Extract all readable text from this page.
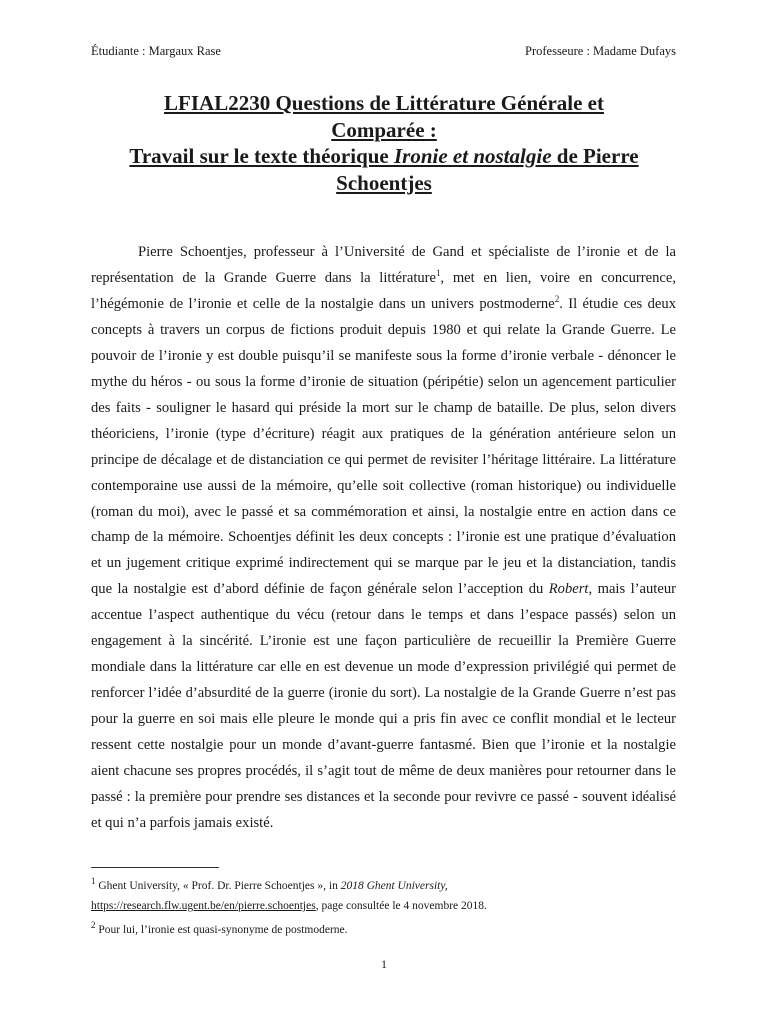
Étudiante : Margaux Rase	Professeure : Madame Dufays
LFIAL2230 Questions de Littérature Générale et
Comparée :
Travail sur le texte théorique Ironie et nostalgie de Pierre
Schoentjes

Pierre Schoentjes, professeur à l’Université de Gand et spécialiste de l’ironie et de la représentation de la Grande Guerre dans la littérature$^1$, met en lien, voire en concurrence, l’hégémonie de l’ironie et celle de la nostalgie dans un univers postmoderne$^2$. Il étudie ces deux concepts à travers un corpus de fictions produit depuis 1980 et qui relate la Grande Guerre. Le pouvoir de l’ironie y est double puisqu’il se manifeste sous la forme d’ironie verbale - dénoncer le mythe du héros - ou sous la forme d’ironie de situation (péripétie) selon un agencement particulier des faits - souligner le hasard qui préside la mort sur le champ de bataille. De plus, selon divers théoriciens, l’ironie (type d’écriture) réagit aux pratiques de la génération antérieure selon un principe de décalage et de distanciation ce qui permet de revisiter l’héritage littéraire. La littérature contemporaine use aussi de la mémoire, qu’elle soit collective (roman historique) ou individuelle (roman du moi), avec le passé et sa commémoration et ainsi, la nostalgie entre en action dans ce champ de la mémoire. Schoentjes définit les deux concepts : l’ironie est une pratique d’évaluation et un jugement critique exprimé indirectement qui se marque par le jeu et la distanciation, tandis que la nostalgie est d’abord définie de façon générale selon l’acception du Robert, mais l’auteur accentue l’aspect authentique du vécu (retour dans le temps et dans l’espace passés) selon un engagement à la sincérité. L’ironie est une façon particulière de recueillir la Première Guerre mondiale dans la littérature car elle en est devenue un mode d’expression privilégié qui permet de renforcer l’idée d’absurdité de la guerre (ironie du sort). La nostalgie de la Grande Guerre n’est pas pour la guerre en soi mais elle pleure le monde qui a pris fin avec ce conflit mondial et le lecteur ressent cette nostalgie pour un monde d’avant-guerre fantasmé. Bien que l’ironie et la nostalgie aient chacune ses propres procédés, il s’agit tout de même de deux manières pour retourner dans le passé : la première pour prendre ses distances et la seconde pour revivre ce passé - souvent idéalisé et qui n’a parfois jamais existé.

$^1$ Ghent University, « Prof. Dr. Pierre Schoentjes », in 2018 Ghent University, https://research.flw.ugent.be/en/pierre.schoentjes, page consultée le 4 novembre 2018.

$^2$ Pour lui, l’ironie est quasi-synonyme de postmoderne.

1
